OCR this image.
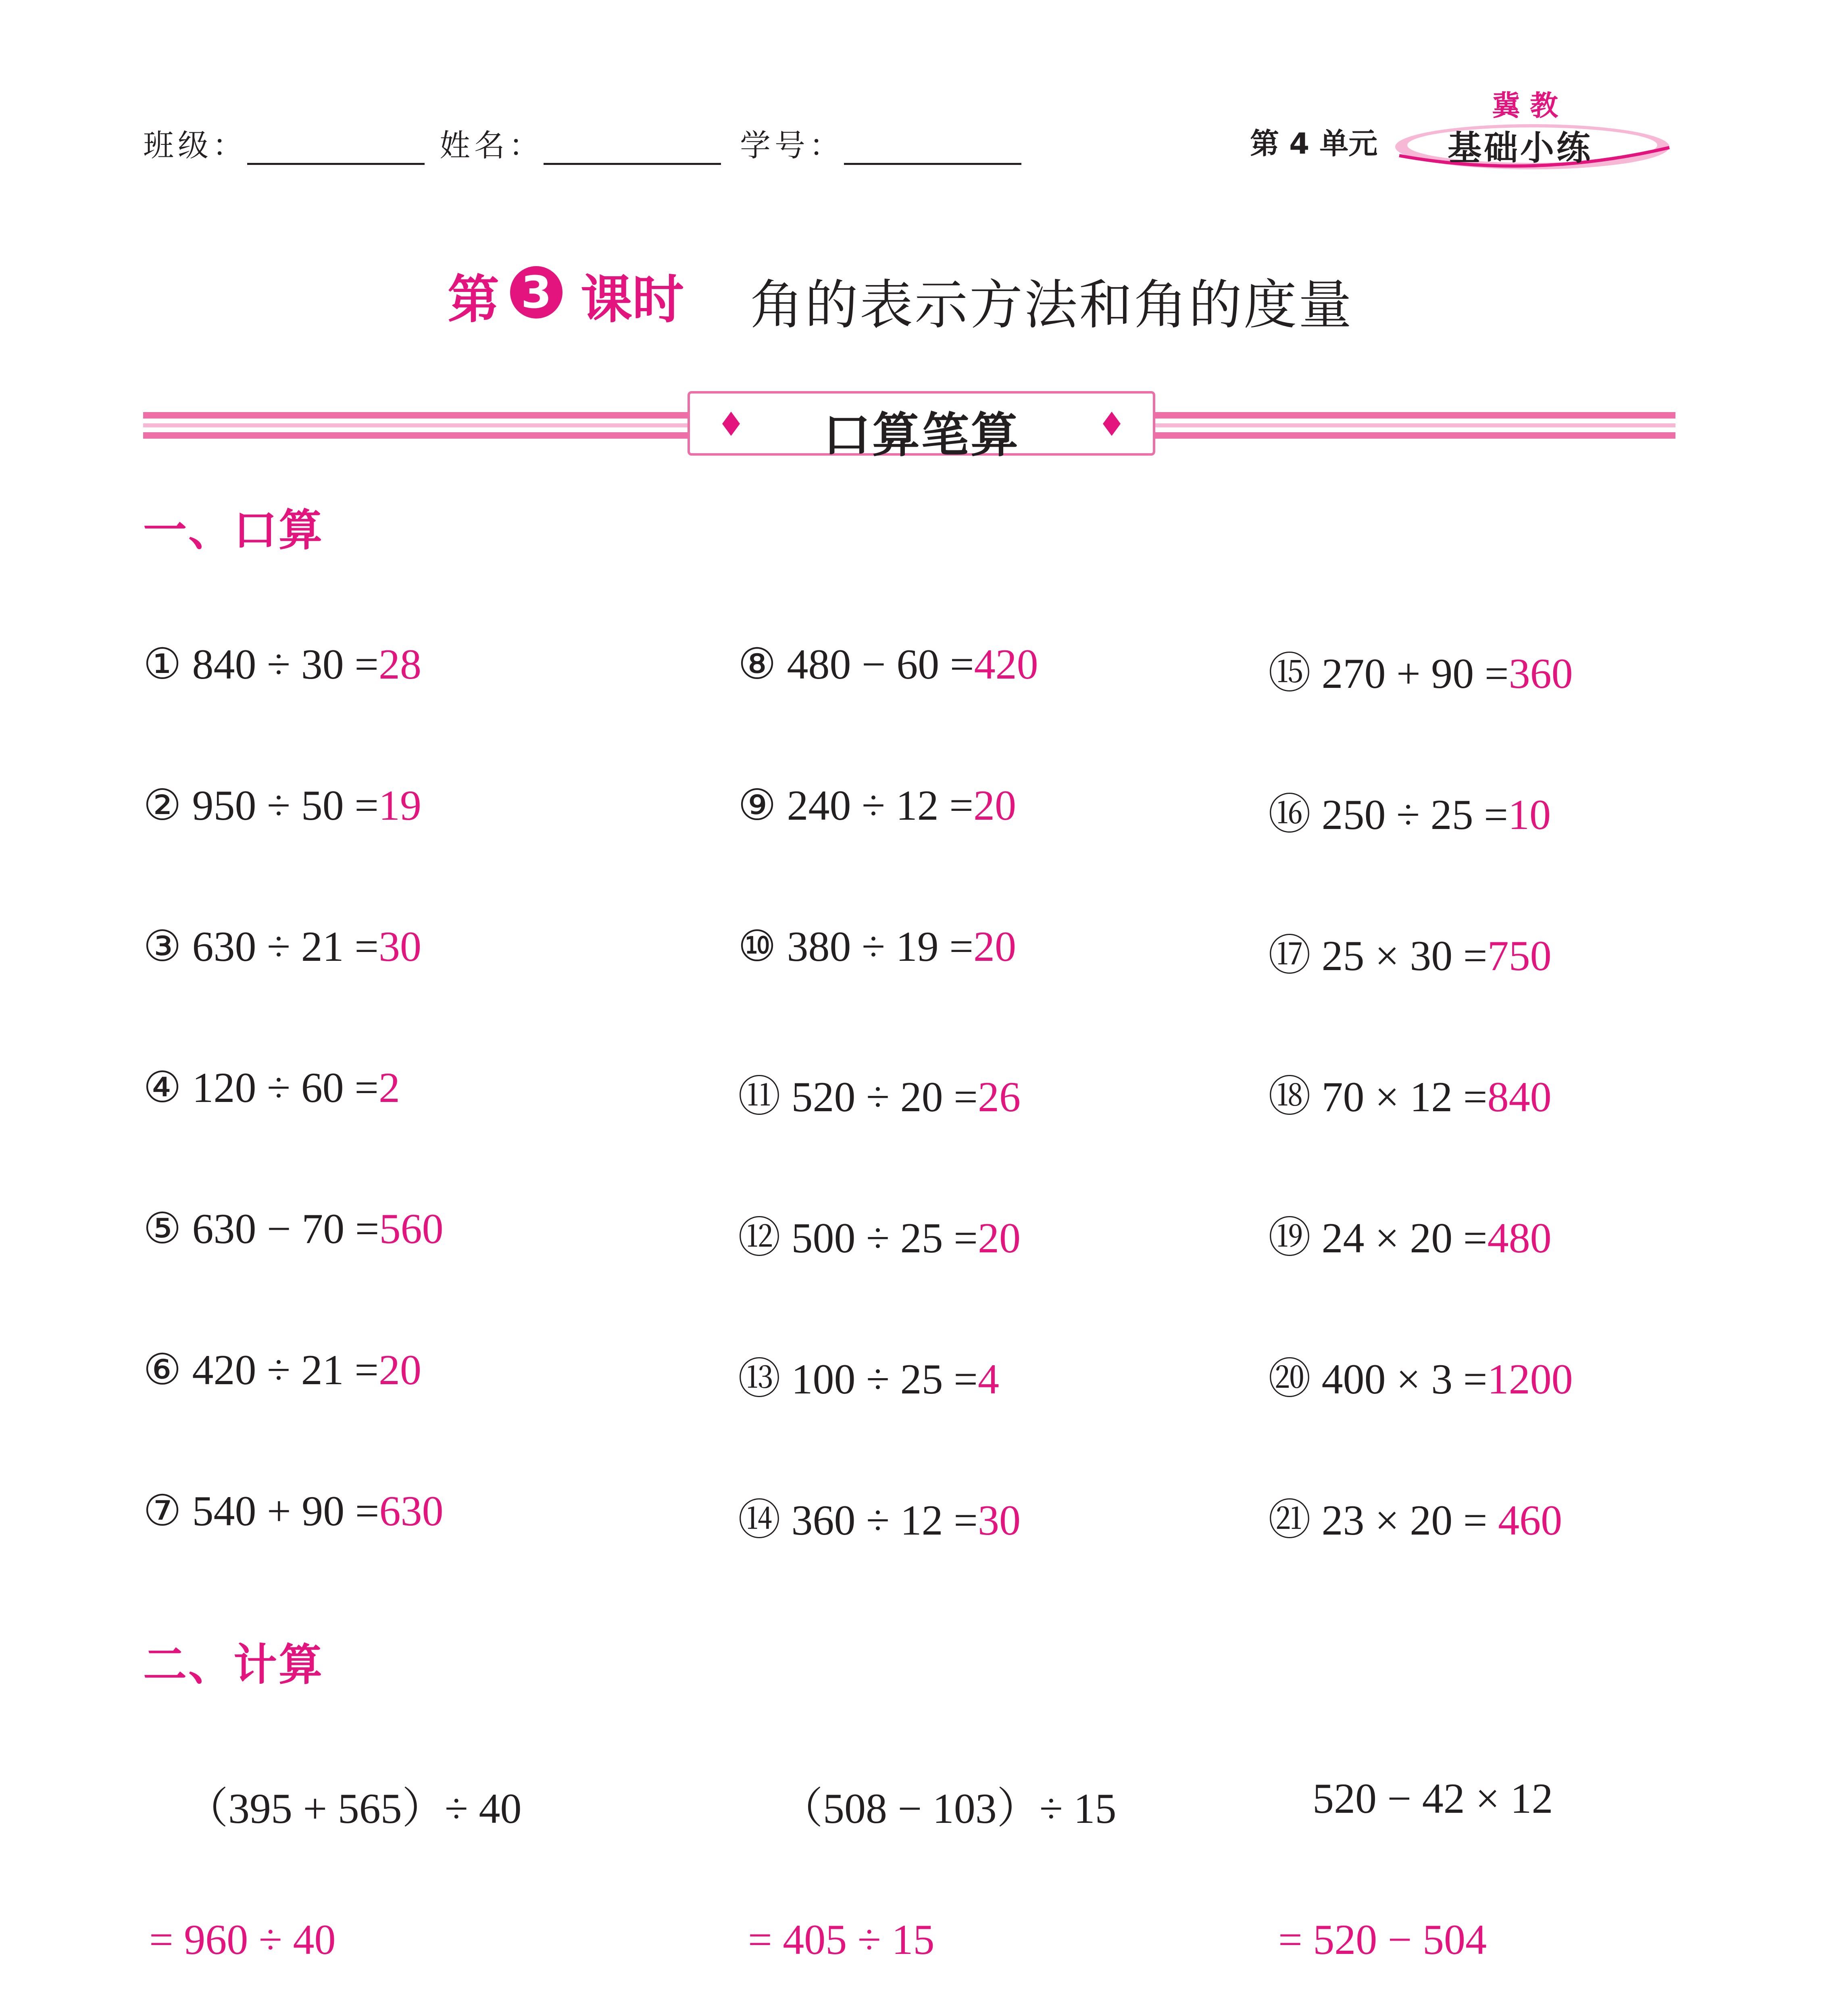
班级：	姓名：	学号：	第 4 单元
冀教
基础小练
第 3 课时 角的表示方法和角的度量
口算笔算
一、口算
① 840 ÷ 30 =28
② 950 ÷ 50 =19
③ 630 ÷ 21 =30
④ 120 ÷ 60 =2
⑤ 630 − 70 =560
⑥ 420 ÷ 21 =20
⑦ 540 + 90 =630
⑧ 480 − 60 =420
⑨ 240 ÷ 12 =20
⑩ 380 ÷ 19 =20
⑪ 520 ÷ 20 =26
⑫ 500 ÷ 25 =20
⑬ 100 ÷ 25 =4
⑭ 360 ÷ 12 =30
⑮ 270 + 90 =360
⑯ 250 ÷ 25 =10
⑰ 25 × 30 =750
⑱ 70 × 12 =840
⑲ 24 × 20 =480
⑳ 400 × 3 =1200
㉑ 23 × 20 = 460
二、计算
（395 + 565）÷ 40
= 960 ÷ 40
（508 − 103）÷ 15
= 405 ÷ 15
520 − 42 × 12
= 520 − 504
